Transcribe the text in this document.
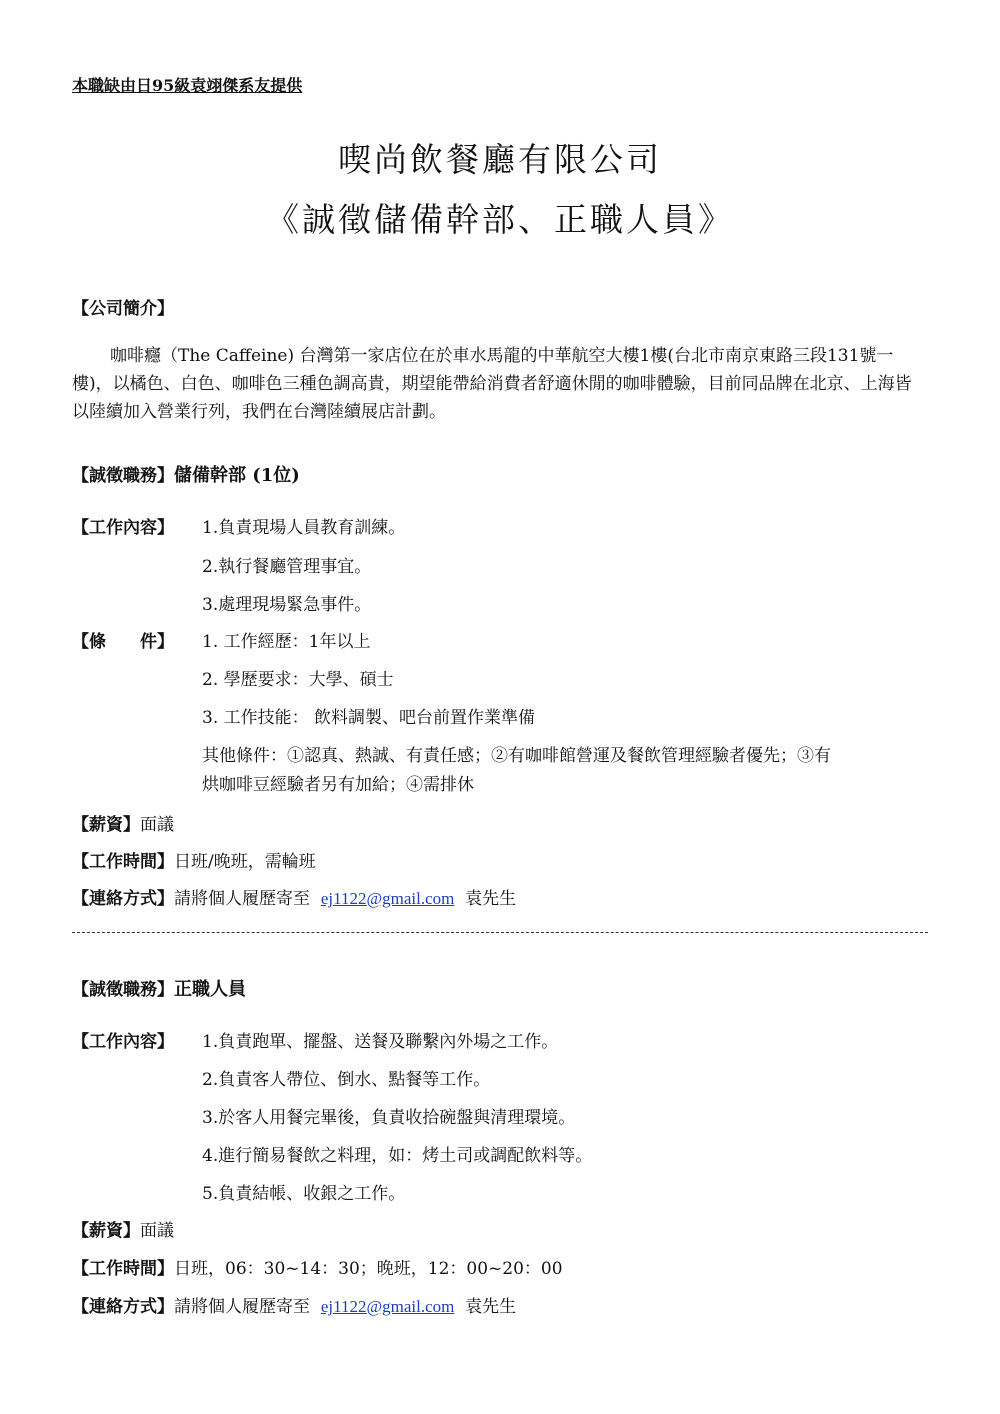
本職缺由日95級袁翊傑系友提供
喫尚飲餐廳有限公司
《誠徵儲備幹部、正職人員》
【公司簡介】
咖啡癮（The Caffeine) 台灣第一家店位在於車水馬龍的中華航空大樓1樓(台北市南京東路三段131號一樓)，以橘色、白色、咖啡色三種色調高貴，期望能帶給消費者舒適休閒的咖啡體驗，目前同品牌在北京、上海皆以陸續加入營業行列，我們在台灣陸續展店計劃。
【誠徵職務】儲備幹部 (1位)
【工作內容】 1.負責現場人員教育訓練。
2.執行餐廳管理事宜。
3.處理現場緊急事件。
【條　　件】 1. 工作經歷：1年以上
2. 學歷要求：大學、碩士
3. 工作技能： 飲料調製、吧台前置作業準備
其他條件：①認真、熱誠、有責任感；②有咖啡館營運及餐飲管理經驗者優先；③有
烘咖啡豆經驗者另有加給；④需排休
【薪資】面議
【工作時間】日班/晚班，需輪班
【連絡方式】請將個人履歷寄至 ej1122@gmail.com 袁先生
【誠徵職務】正職人員
【工作內容】 1.負責跑單、擺盤、送餐及聯繫內外場之工作。
2.負責客人帶位、倒水、點餐等工作。
3.於客人用餐完畢後，負責收拾碗盤與清理環境。
4.進行簡易餐飲之料理，如：烤土司或調配飲料等。
5.負責結帳、收銀之工作。
【薪資】面議
【工作時間】日班，06：30~14：30；晚班，12：00~20：00
【連絡方式】請將個人履歷寄至 ej1122@gmail.com 袁先生
